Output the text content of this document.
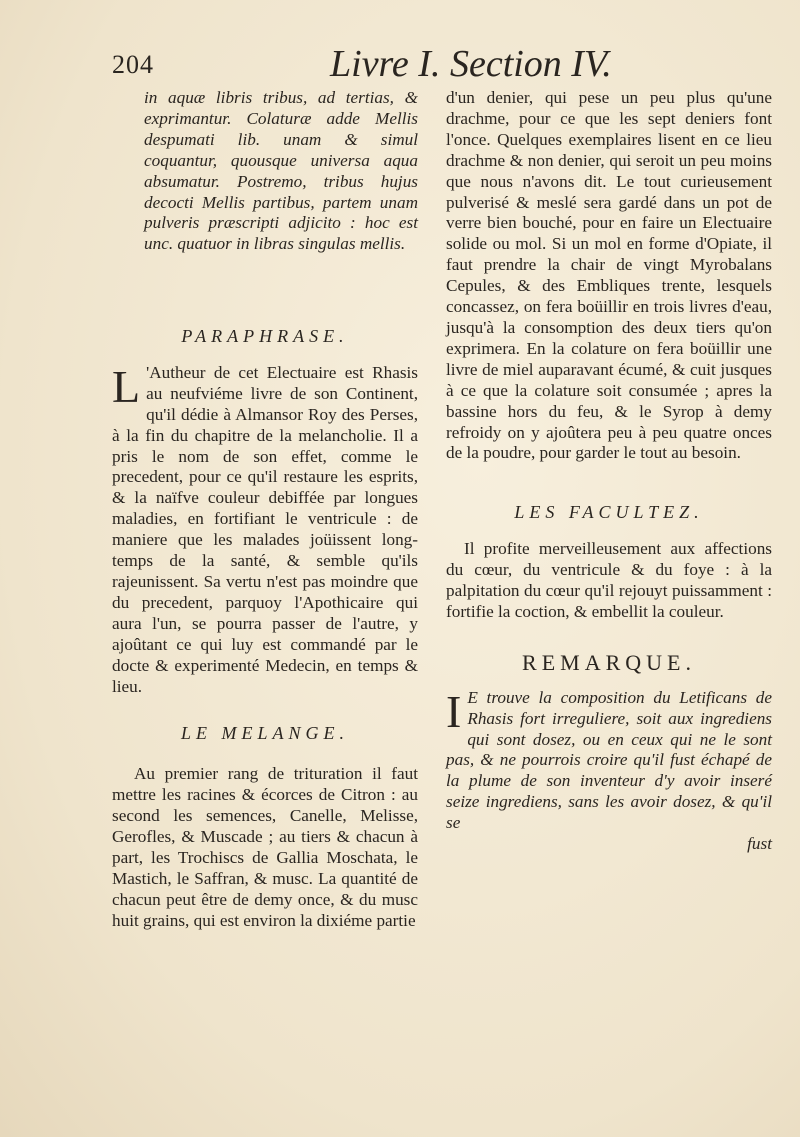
204	Livre I. Section IV.

in aquæ libris tribus, ad tertias, & exprimantur. Colaturæ adde Mellis despumati lib. unam & simul coquantur, quousque universa aqua absumatur. Postremo, tribus hujus decocti Mellis partibus, partem unam pulveris præscripti adjicito : hoc est unc. quatuor in libras singulas mellis.

PARAPHRASE.

L 'Autheur de cet Electuaire est Rhasis au neufviéme livre de son Continent, qu'il dédie à Almansor Roy des Perses, à la fin du chapitre de la melancholie. Il a pris le nom de son effet, comme le precedent, pour ce qu'il restaure les esprits, & la naïfve couleur debiffée par longues maladies, en fortifiant le ventricule : de maniere que les malades joüissent long-temps de la santé, & semble qu'ils rajeunissent. Sa vertu n'est pas moindre que du precedent, parquoy l'Apothicaire qui aura l'un, se pourra passer de l'autre, y ajoûtant ce qui luy est commandé par le docte & experimenté Medecin, en temps & lieu.

LE MELANGE.

Au premier rang de trituration il faut mettre les racines & écorces de Citron : au second les semences, Canelle, Melisse, Gerofles, & Muscade ; au tiers & chacun à part, les Trochiscs de Gallia Moschata, le Mastich, le Saffran, & musc. La quantité de chacun peut être de demy once, & du musc huit grains, qui est environ la dixiéme partie

d'un denier, qui pese un peu plus qu'une drachme, pour ce que les sept deniers font l'once. Quelques exemplaires lisent en ce lieu drachme & non denier, qui seroit un peu moins que nous n'avons dit. Le tout curieusement pulverisé & meslé sera gardé dans un pot de verre bien bouché, pour en faire un Electuaire solide ou mol. Si un mol en forme d'Opiate, il faut prendre la chair de vingt Myrobalans Cepules, & des Embliques trente, lesquels concassez, on fera boüillir en trois livres d'eau, jusqu'à la consomption des deux tiers qu'on exprimera. En la colature on fera boüillir une livre de miel auparavant écumé, & cuit jusques à ce que la colature soit consumée ; apres la bassine hors du feu, & le Syrop à demy refroidy on y ajoûtera peu à peu quatre onces de la poudre, pour garder le tout au besoin.

LES FACULTEZ.

Il profite merveilleusement aux affections du cœur, du ventricule & du foye : à la palpitation du cœur qu'il rejouyt puissamment : fortifie la coction, & embellit la couleur.

REMARQUE.

I E trouve la composition du Letificans de Rhasis fort irreguliere, soit aux ingrediens qui sont dosez, ou en ceux qui ne le sont pas, & ne pourrois croire qu'il fust échapé de la plume de son inventeur d'y avoir inseré seize ingrediens, sans les avoir dosez, & qu'il se

fust
